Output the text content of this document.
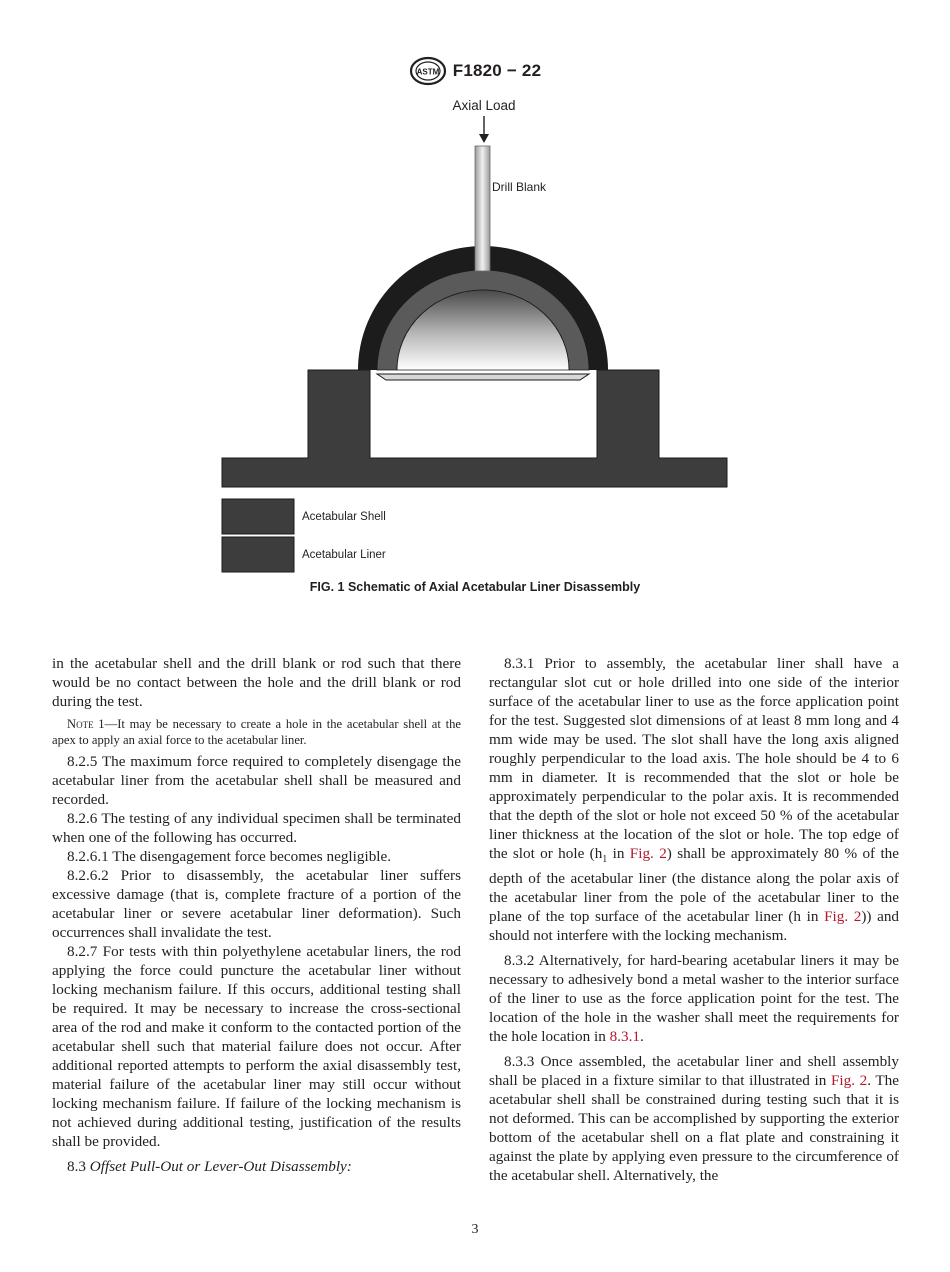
ASTM F1820 − 22
Axial Load
Drill Blank
Acetabular Shell
Acetabular Liner
FIG. 1 Schematic of Axial Acetabular Liner Disassembly

in the acetabular shell and the drill blank or rod such that there would be no contact between the hole and the drill blank or rod during the test.

Note 1—It may be necessary to create a hole in the acetabular shell at the apex to apply an axial force to the acetabular liner.

8.2.5 The maximum force required to completely disengage the acetabular liner from the acetabular shell shall be measured and recorded.

8.2.6 The testing of any individual specimen shall be terminated when one of the following has occurred.

8.2.6.1 The disengagement force becomes negligible.

8.2.6.2 Prior to disassembly, the acetabular liner suffers excessive damage (that is, complete fracture of a portion of the acetabular liner or severe acetabular liner deformation). Such occurrences shall invalidate the test.

8.2.7 For tests with thin polyethylene acetabular liners, the rod applying the force could puncture the acetabular liner without locking mechanism failure. If this occurs, additional testing shall be required. It may be necessary to increase the cross-sectional area of the rod and make it conform to the contacted portion of the acetabular shell such that material failure does not occur. After additional reported attempts to perform the axial disassembly test, material failure of the acetabular liner may still occur without locking mechanism failure. If failure of the locking mechanism is not achieved during additional testing, justification of the results shall be provided.

8.3 Offset Pull-Out or Lever-Out Disassembly:

8.3.1 Prior to assembly, the acetabular liner shall have a rectangular slot cut or hole drilled into one side of the interior surface of the acetabular liner to use as the force application point for the test. Suggested slot dimensions of at least 8 mm long and 4 mm wide may be used. The slot shall have the long axis aligned roughly perpendicular to the load axis. The hole should be 4 to 6 mm in diameter. It is recommended that the slot or hole be approximately perpendicular to the polar axis. It is recommended that the depth of the slot or hole not exceed 50 % of the acetabular liner thickness at the location of the slot or hole. The top edge of the slot or hole ($h_1$ in Fig. 2) shall be approximately 80 % of the depth of the acetabular liner (the distance along the polar axis of the acetabular liner from the pole of the acetabular liner to the plane of the top surface of the acetabular liner (h in Fig. 2)) and should not interfere with the locking mechanism.

8.3.2 Alternatively, for hard-bearing acetabular liners it may be necessary to adhesively bond a metal washer to the interior surface of the liner to use as the force application point for the test. The location of the hole in the washer shall meet the requirements for the hole location in 8.3.1.

8.3.3 Once assembled, the acetabular liner and shell assembly shall be placed in a fixture similar to that illustrated in Fig. 2. The acetabular shell shall be constrained during testing such that it is not deformed. This can be accomplished by supporting the exterior bottom of the acetabular shell on a flat plate and constraining it against the plate by applying even pressure to the circumference of the acetabular shell. Alternatively, the

3
